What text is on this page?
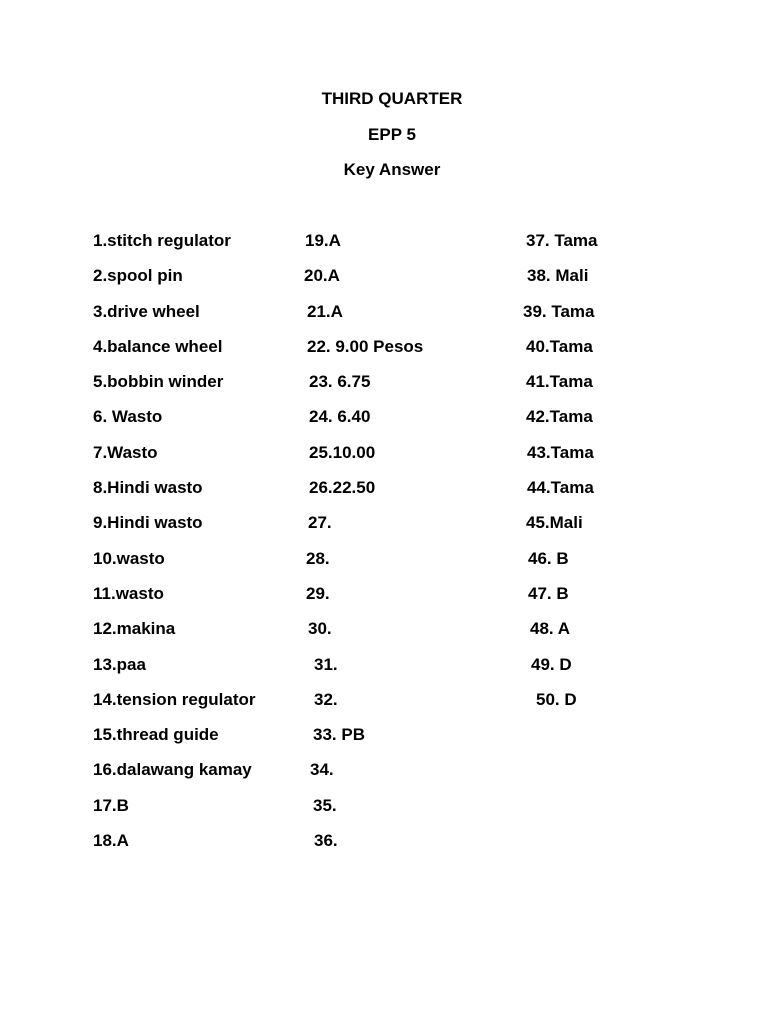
THIRD QUARTER
EPP 5
Key Answer
1.stitch regulator
2.spool pin
3.drive wheel
4.balance wheel
5.bobbin winder
6. Wasto
7.Wasto
8.Hindi wasto
9.Hindi wasto
10.wasto
11.wasto
12.makina
13.paa
14.tension regulator
15.thread guide
16.dalawang kamay
17.B
18.A
19.A
20.A
21.A
22. 9.00 Pesos
23. 6.75
24. 6.40
25.10.00
26.22.50
27.
28.
29.
30.
31.
32.
33. PB
34.
35.
36.
37. Tama
38. Mali
39. Tama
40.Tama
41.Tama
42.Tama
43.Tama
44.Tama
45.Mali
46. B
47. B
48. A
49. D
50. D
